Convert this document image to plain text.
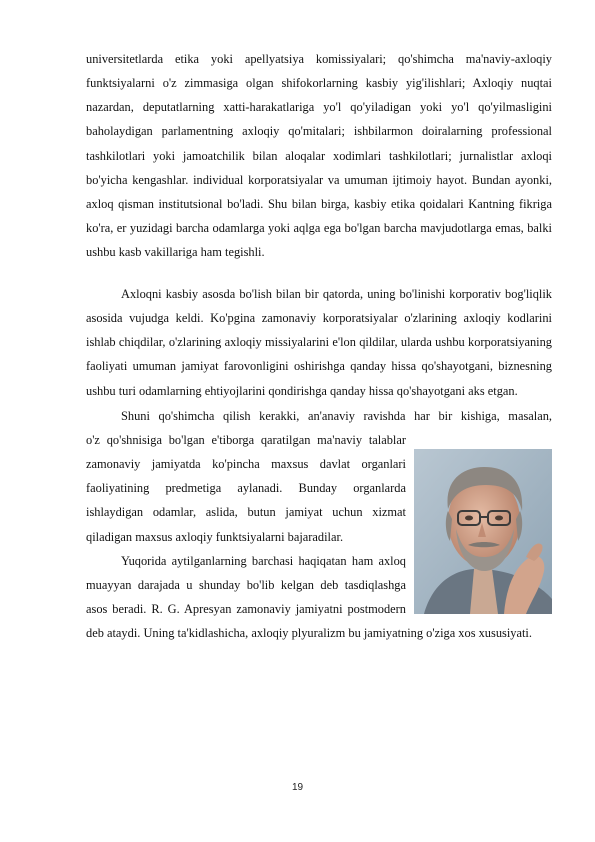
universitetlarda etika yoki apellyatsiya komissiyalari; qo'shimcha ma'naviy-axloqiy funktsiyalarni o'z zimmasiga olgan shifokorlarning kasbiy yig'ilishlari; Axloqiy nuqtai nazardan, deputatlarning xatti-harakatlariga yo'l qo'yiladigan yoki yo'l qo'yilmasligini baholaydigan parlamentning axloqiy qo'mitalari; ishbilarmon doiralarning professional tashkilotlari yoki jamoatchilik bilan aloqalar xodimlari tashkilotlari; jurnalistlar axloqi bo'yicha kengashlar. individual korporatsiyalar va umuman ijtimoiy hayot. Bundan ayonki, axloq qisman institutsional bo'ladi. Shu bilan birga, kasbiy etika qoidalari Kantning fikriga ko'ra, er yuzidagi barcha odamlarga yoki aqlga ega bo'lgan barcha mavjudotlarga emas, balki ushbu kasb vakillariga ham tegishli.

Axloqni kasbiy asosda bo'lish bilan bir qatorda, uning bo'linishi korporativ bog'liqlik asosida vujudga keldi. Ko'pgina zamonaviy korporatsiyalar o'zlarining axloqiy kodlarini ishlab chiqdilar, o'zlarining axloqiy missiyalarini e'lon qildilar, ularda ushbu korporatsiyaning faoliyati umuman jamiyat farovonligini oshirishga qanday hissa qo'shayotgani, biznesning ushbu turi odamlarning ehtiyojlarini qondirishga qanday hissa qo'shayotgani aks etgan.

Shuni qo'shimcha qilish kerakki, an'anaviy ravishda har bir kishiga, masalan,

o'z qo'shnisiga bo'lgan e'tiborga qaratilgan ma'naviy talablar zamonaviy jamiyatda ko'pincha maxsus davlat organlari faoliyatining predmetiga aylanadi. Bunday organlarda ishlaydigan odamlar, aslida, butun jamiyat uchun xizmat qiladigan maxsus axloqiy funktsiyalarni bajaradilar.

Yuqorida aytilganlarning barchasi haqiqatan ham axloq muayyan darajada u shunday bo'lib kelgan deb tasdiqlashga asos beradi. R. G. Apresyan zamonaviy jamiyatni postmodern deb ataydi. Uning ta'kidlashicha, axloqiy plyuralizm bu jamiyatning o'ziga xos xususiyati.

19
